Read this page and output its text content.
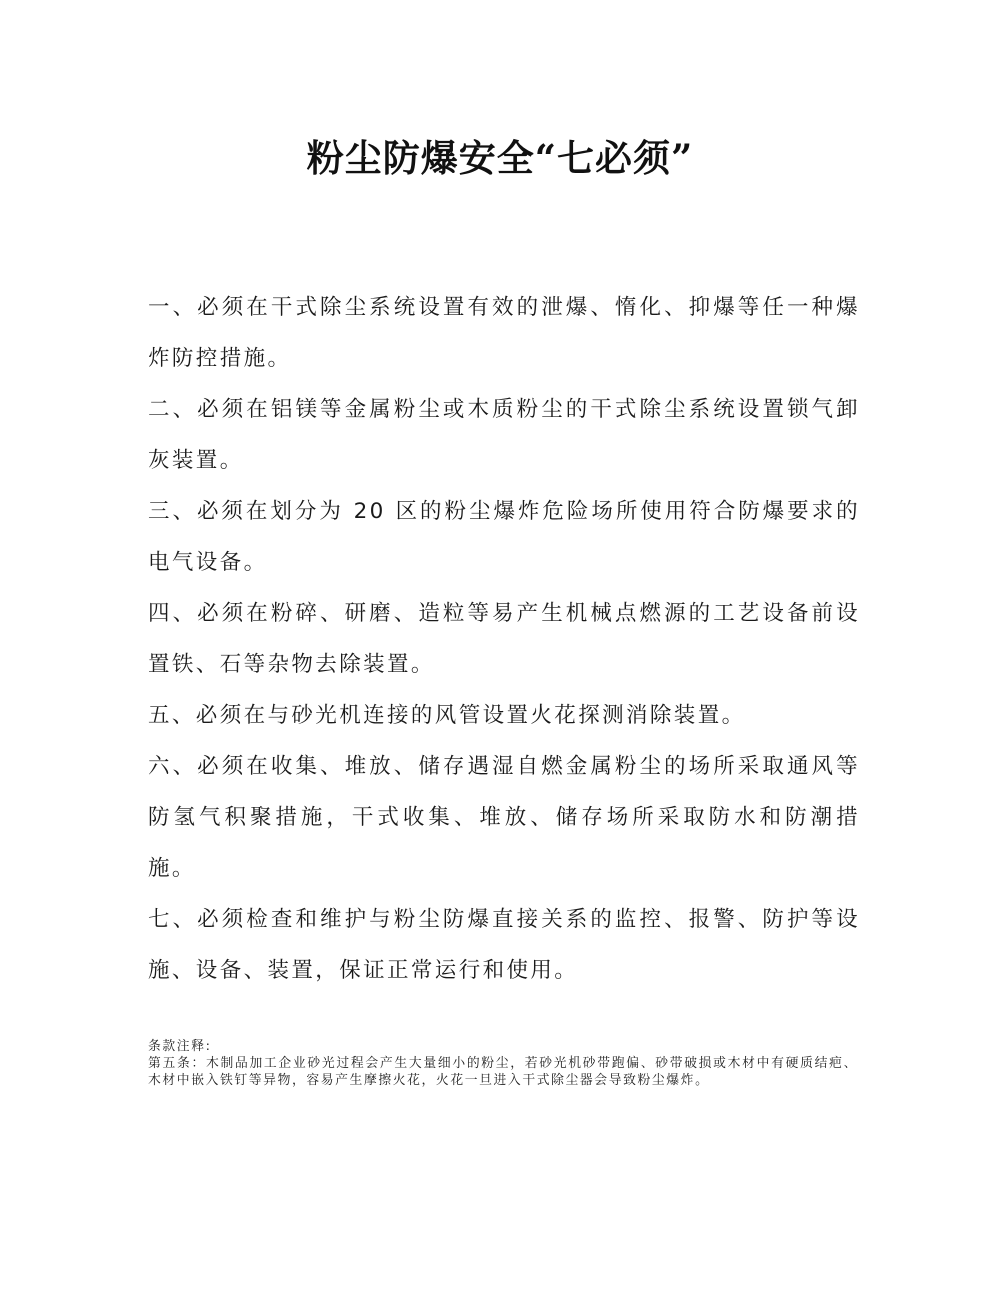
粉尘防爆安全“七必须”

一、必须在干式除尘系统设置有效的泄爆、惰化、抑爆等任一种爆炸防控措施。

二、必须在铝镁等金属粉尘或木质粉尘的干式除尘系统设置锁气卸灰装置。

三、必须在划分为 20 区的粉尘爆炸危险场所使用符合防爆要求的电气设备。

四、必须在粉碎、研磨、造粒等易产生机械点燃源的工艺设备前设置铁、石等杂物去除装置。

五、必须在与砂光机连接的风管设置火花探测消除装置。

六、必须在收集、堆放、储存遇湿自燃金属粉尘的场所采取通风等防氢气积聚措施，干式收集、堆放、储存场所采取防水和防潮措施。

七、必须检查和维护与粉尘防爆直接关系的监控、报警、防护等设施、设备、装置，保证正常运行和使用。

条款注释:

第五条：木制品加工企业砂光过程会产生大量细小的粉尘，若砂光机砂带跑偏、砂带破损或木材中有硬质结疤、木材中嵌入铁钉等异物，容易产生摩擦火花，火花一旦进入干式除尘器会导致粉尘爆炸。
